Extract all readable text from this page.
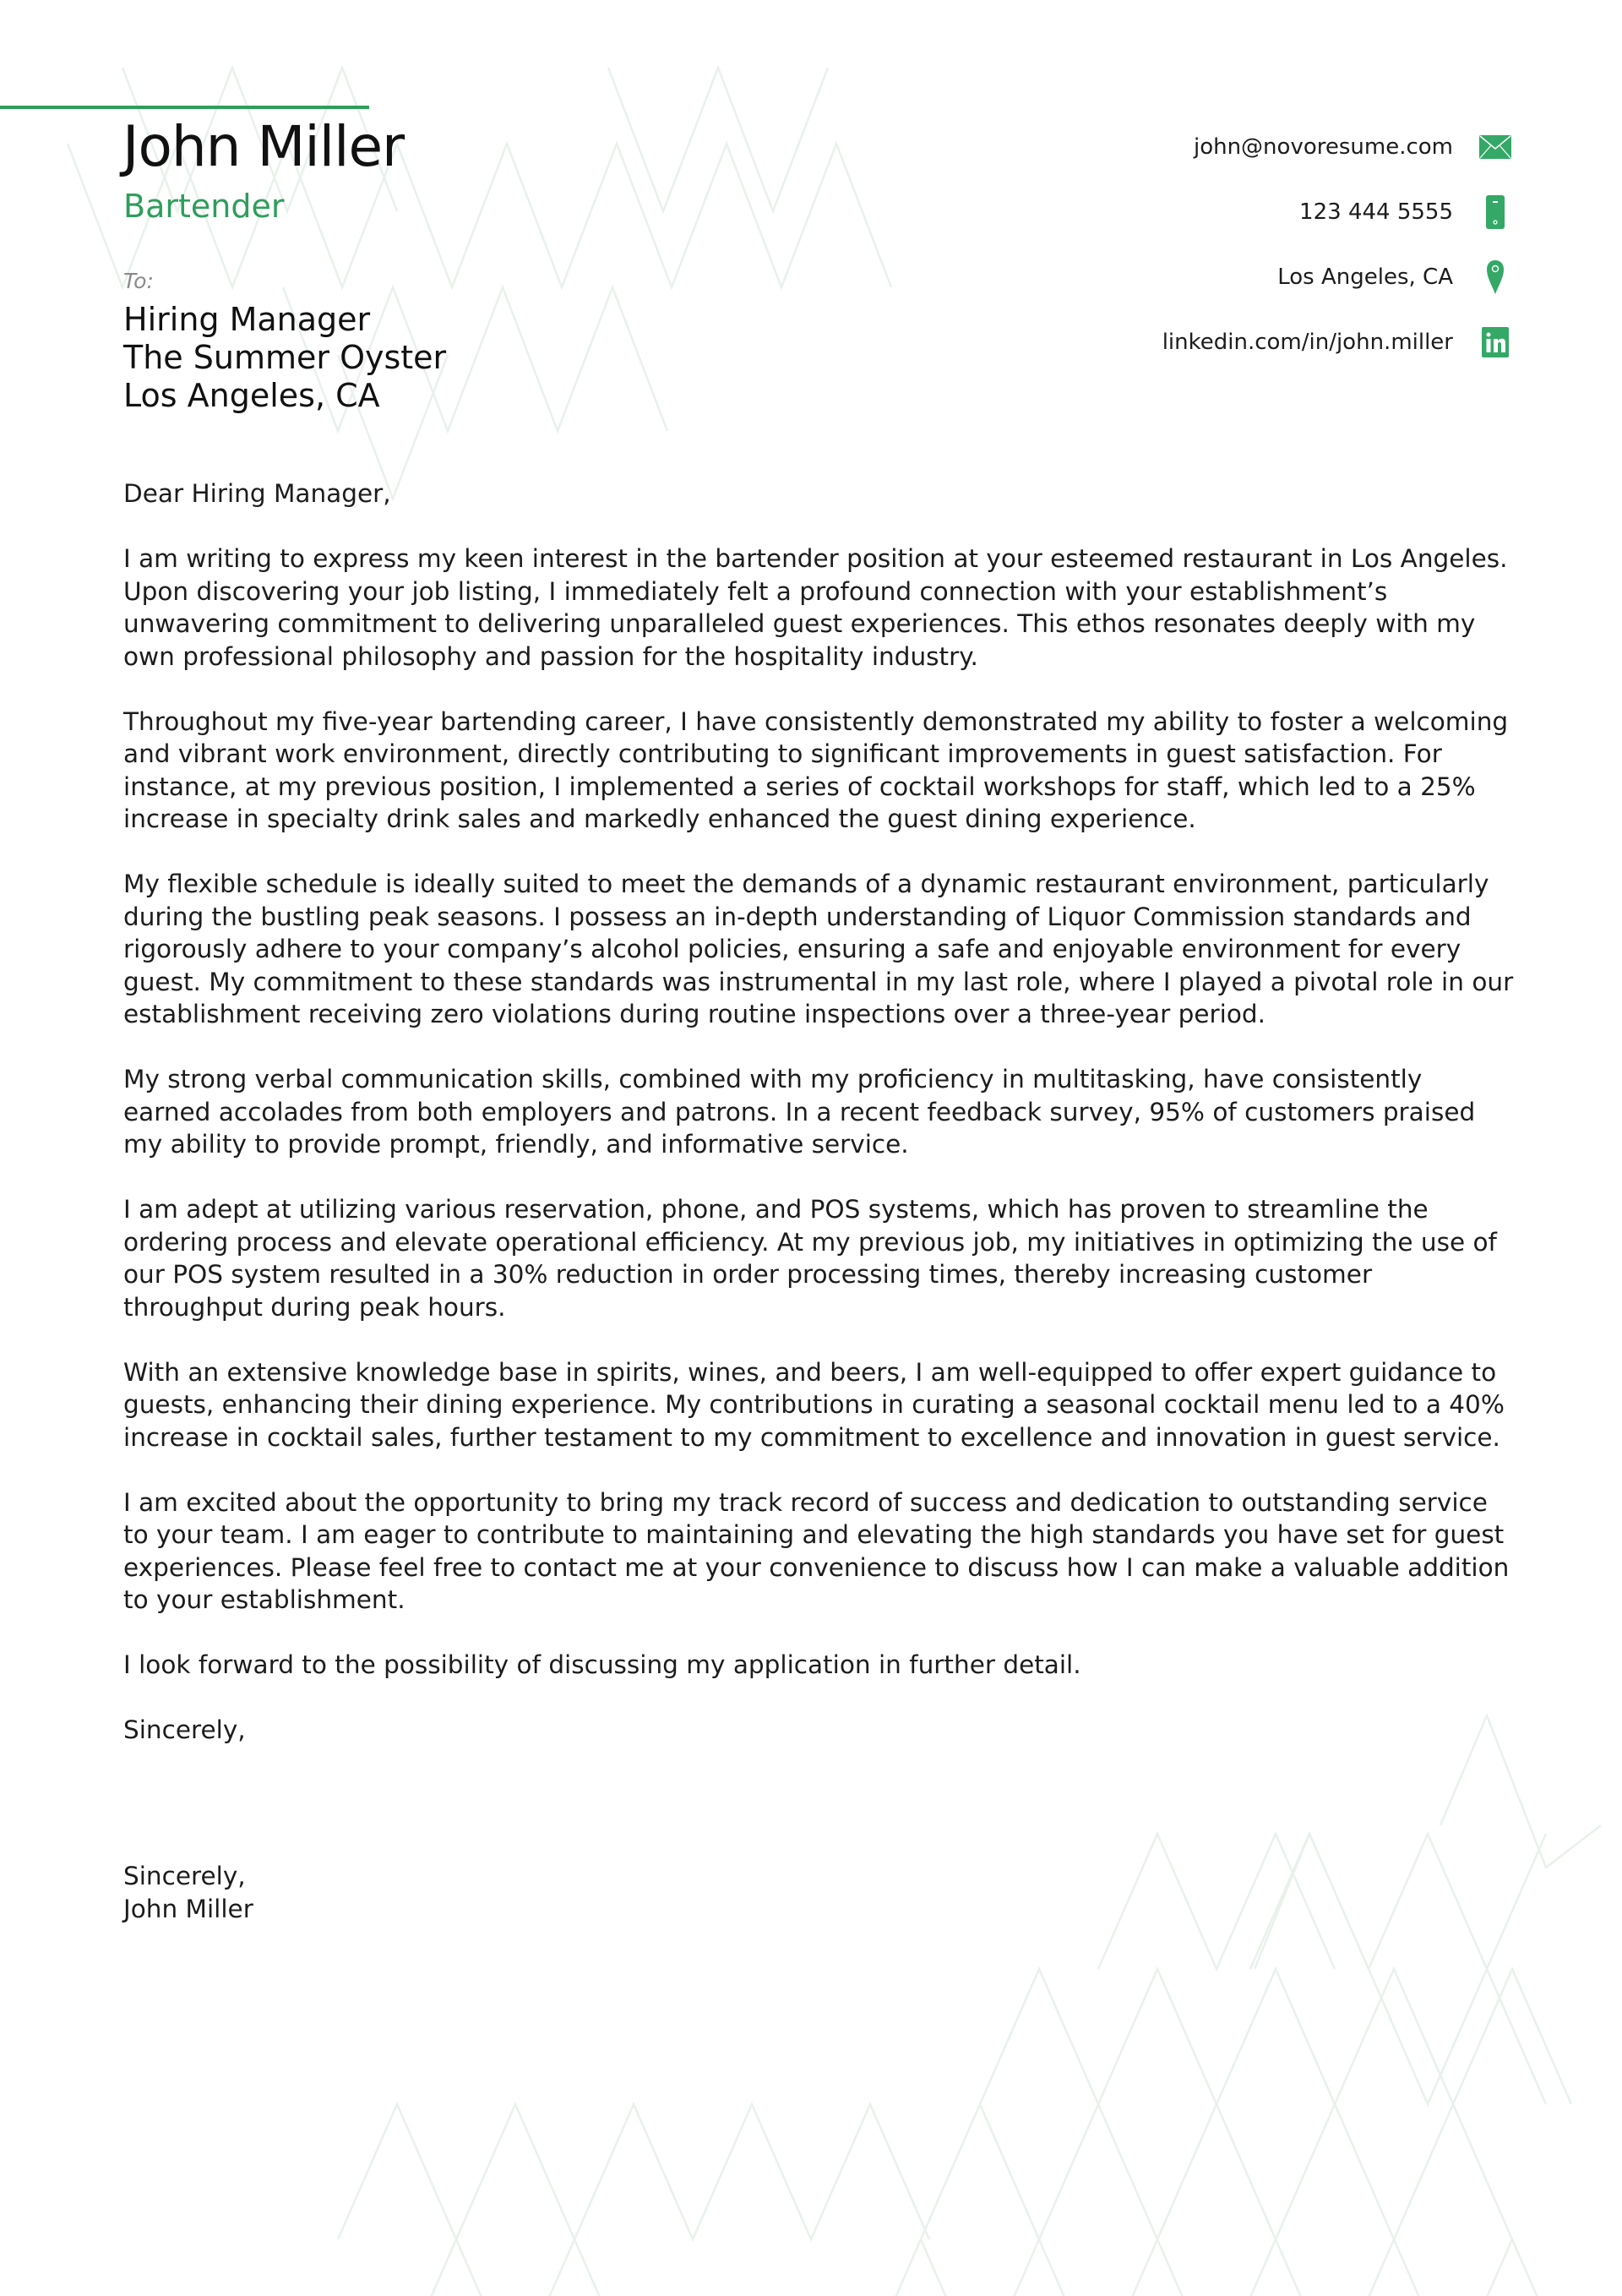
John Miller
Bartender
To:
Hiring Manager
The Summer Oyster
Los Angeles, CA
john@novoresume.com
123 444 5555
Los Angeles, CA
linkedin.com/in/john.miller

Dear Hiring Manager,

I am writing to express my keen interest in the bartender position at your esteemed restaurant in Los Angeles. Upon discovering your job listing, I immediately felt a profound connection with your establishment’s unwavering commitment to delivering unparalleled guest experiences. This ethos resonates deeply with my own professional philosophy and passion for the hospitality industry.

Throughout my five-year bartending career, I have consistently demonstrated my ability to foster a welcoming and vibrant work environment, directly contributing to significant improvements in guest satisfaction. For instance, at my previous position, I implemented a series of cocktail workshops for staff, which led to a 25% increase in specialty drink sales and markedly enhanced the guest dining experience.

My flexible schedule is ideally suited to meet the demands of a dynamic restaurant environment, particularly during the bustling peak seasons. I possess an in-depth understanding of Liquor Commission standards and rigorously adhere to your company’s alcohol policies, ensuring a safe and enjoyable environment for every guest. My commitment to these standards was instrumental in my last role, where I played a pivotal role in our establishment receiving zero violations during routine inspections over a three-year period.

My strong verbal communication skills, combined with my proficiency in multitasking, have consistently earned accolades from both employers and patrons. In a recent feedback survey, 95% of customers praised my ability to provide prompt, friendly, and informative service.

I am adept at utilizing various reservation, phone, and POS systems, which has proven to streamline the ordering process and elevate operational efficiency. At my previous job, my initiatives in optimizing the use of our POS system resulted in a 30% reduction in order processing times, thereby increasing customer throughput during peak hours.

With an extensive knowledge base in spirits, wines, and beers, I am well-equipped to offer expert guidance to guests, enhancing their dining experience. My contributions in curating a seasonal cocktail menu led to a 40% increase in cocktail sales, further testament to my commitment to excellence and innovation in guest service.

I am excited about the opportunity to bring my track record of success and dedication to outstanding service to your team. I am eager to contribute to maintaining and elevating the high standards you have set for guest experiences. Please feel free to contact me at your convenience to discuss how I can make a valuable addition to your establishment.

I look forward to the possibility of discussing my application in further detail.

Sincerely,

Sincerely,
John Miller
